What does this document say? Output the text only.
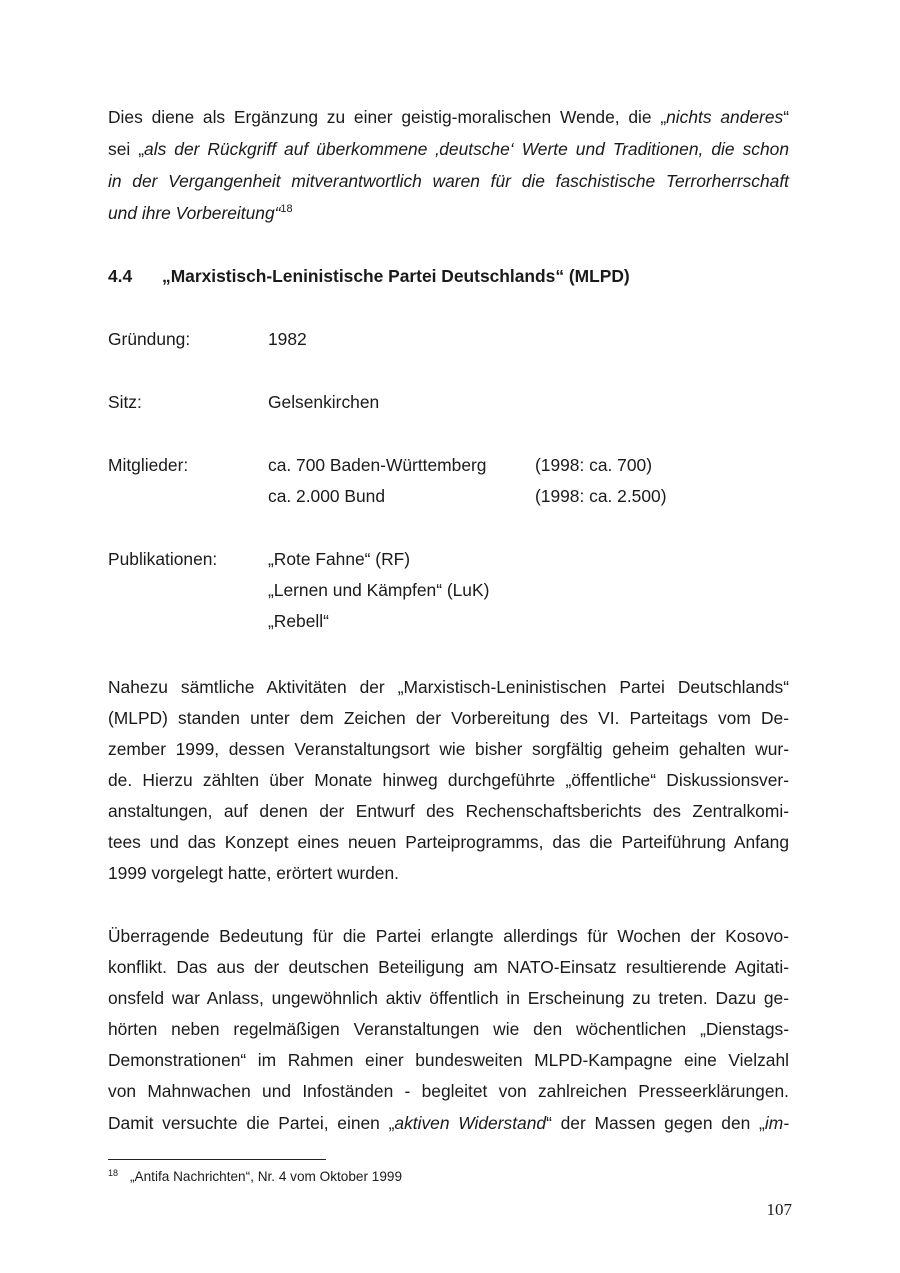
Dies diene als Ergänzung zu einer geistig-moralischen Wende, die „nichts anderes“
sei „als der Rückgriff auf überkommene ‚deutsche‘ Werte und Traditionen, die schon
in der Vergangenheit mitverantwortlich waren für die faschistische Terrorherrschaft
und ihre Vorbereitung“$^{18}$
4.4 „Marxistisch-Leninistische Partei Deutschlands“ (MLPD)
Gründung:	1982
Sitz:	Gelsenkirchen
Mitglieder:	ca. 700 Baden-Württemberg	(1998: ca. 700)
ca. 2.000 Bund	(1998: ca. 2.500)
Publikationen:	„Rote Fahne“ (RF)
„Lernen und Kämpfen“ (LuK)
„Rebell“
Nahezu sämtliche Aktivitäten der „Marxistisch-Leninistischen Partei Deutschlands“
(MLPD) standen unter dem Zeichen der Vorbereitung des VI. Parteitags vom De-
zember 1999, dessen Veranstaltungsort wie bisher sorgfältig geheim gehalten wur-
de. Hierzu zählten über Monate hinweg durchgeführte „öffentliche“ Diskussionsver-
anstaltungen, auf denen der Entwurf des Rechenschaftsberichts des Zentralkomi-
tees und das Konzept eines neuen Parteiprogramms, das die Parteiführung Anfang
1999 vorgelegt hatte, erörtert wurden.
Überragende Bedeutung für die Partei erlangte allerdings für Wochen der Kosovo-
konflikt. Das aus der deutschen Beteiligung am NATO-Einsatz resultierende Agitati-
onsfeld war Anlass, ungewöhnlich aktiv öffentlich in Erscheinung zu treten. Dazu ge-
hörten neben regelmäßigen Veranstaltungen wie den wöchentlichen „Dienstags-
Demonstrationen“ im Rahmen einer bundesweiten MLPD-Kampagne eine Vielzahl
von Mahnwachen und Infoständen - begleitet von zahlreichen Presseerklärungen.
Damit versuchte die Partei, einen „aktiven Widerstand“ der Massen gegen den „im-
$^{18}$ „Antifa Nachrichten“, Nr. 4 vom Oktober 1999
107
